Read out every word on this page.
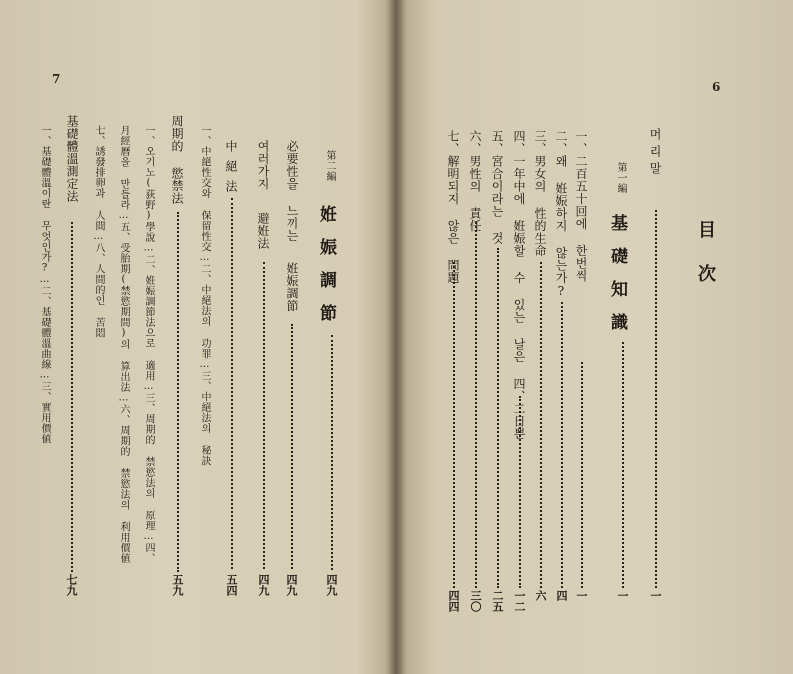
7
第二編
姙娠調節
四九
必要性을 느끼는
姙娠調節
四九
여러가지
避姙法
四九
中絕法
五四
一、中絕性交와 保留性交…二、中絕法의 功罪…三、中絕法의 秘訣
周期的 慾禁法
五九
一、오기노(荻野)學說…二、姙娠調節法으로 適用…三、周期的 禁慾法의 原理…四、
月經曆을 만들라…五、受胎期(禁慾期間)의 算出法…六、周期的 禁慾法의 利用價値
七、誘發排卵과 人間…八、人間的인 苦悶
基礎體溫測定法
七九
一、基礎體溫이란 무엇인가?…二、基礎體溫曲線…三、實用價値
6
目次
머리말
一
第一編
基礎知識
一
一、二百五十回에 한번씩
一
二、왜 姙娠하지 않는가?
四
三、男女의 性的生命
六
四、一年中에 姙娠할 수 있는 날은 四、二日뿐
一二
五、宮合이라는 것
二五
六、男性의 責任
三〇
七、解明되지 않은 問題
四四
